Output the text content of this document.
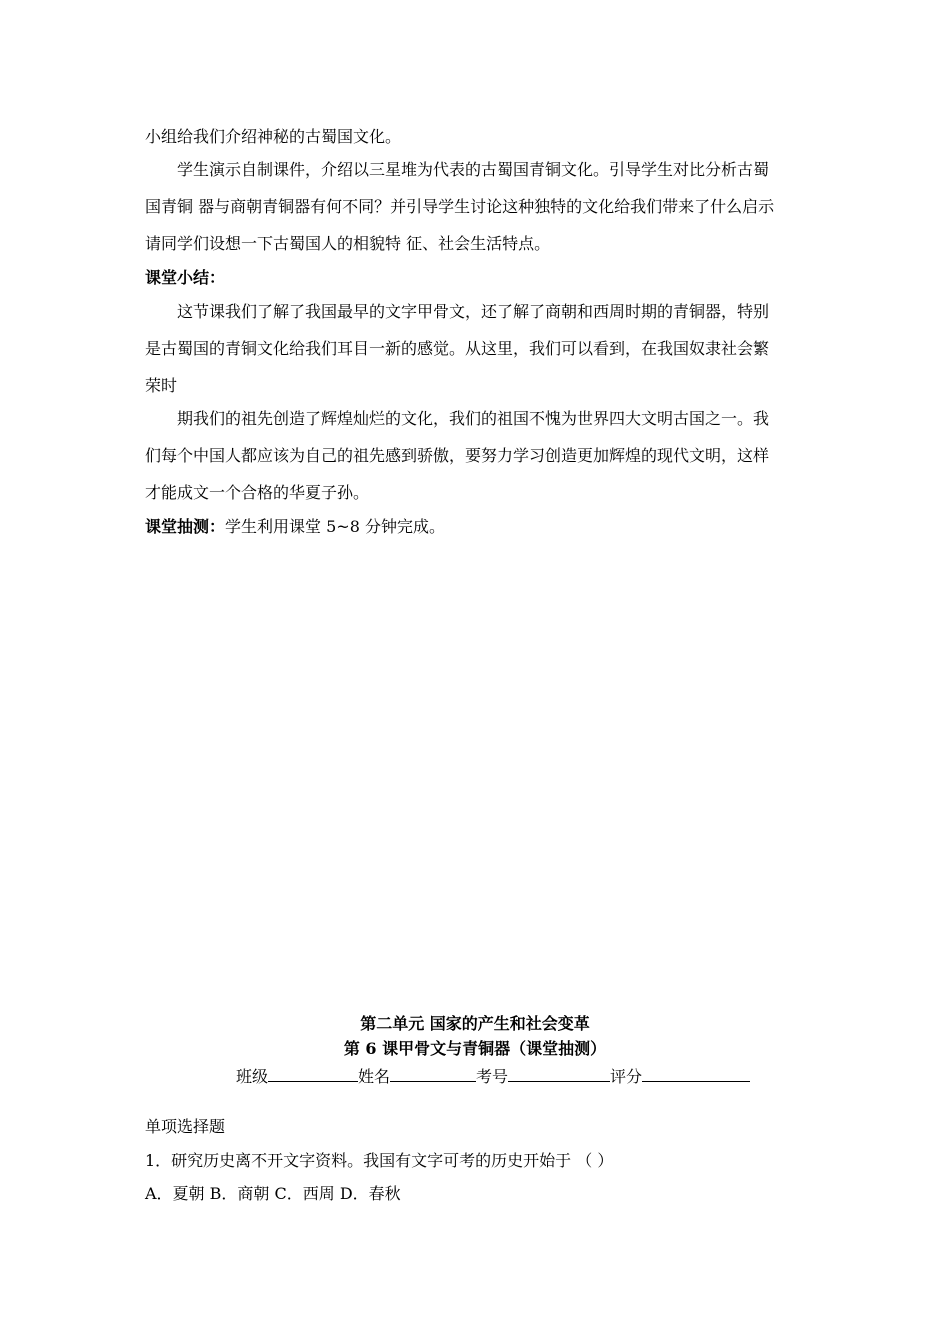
小组给我们介绍神秘的古蜀国文化。
学生演示自制课件，介绍以三星堆为代表的古蜀国青铜文化。引导学生对比分析古蜀
国青铜 器与商朝青铜器有何不同？并引导学生讨论这种独特的文化给我们带来了什么启示
请同学们设想一下古蜀国人的相貌特 征、社会生活特点。
课堂小结：
这节课我们了解了我国最早的文字甲骨文，还了解了商朝和西周时期的青铜器，特别
是古蜀国的青铜文化给我们耳目一新的感觉。从这里，我们可以看到，在我国奴隶社会繁
荣时
期我们的祖先创造了辉煌灿烂的文化，我们的祖国不愧为世界四大文明古国之一。我
们每个中国人都应该为自己的祖先感到骄傲，要努力学习创造更加辉煌的现代文明，这样
才能成文一个合格的华夏子孙。
课堂抽测：学生利用课堂 5~8 分钟完成。
第二单元 国家的产生和社会变革
第 6 课甲骨文与青铜器（课堂抽测）
班级	姓名	考号	评分
单项选择题
1．研究历史离不开文字资料。我国有文字可考的历史开始于 （ ）
A．夏朝 B．商朝 C．西周 D．春秋
